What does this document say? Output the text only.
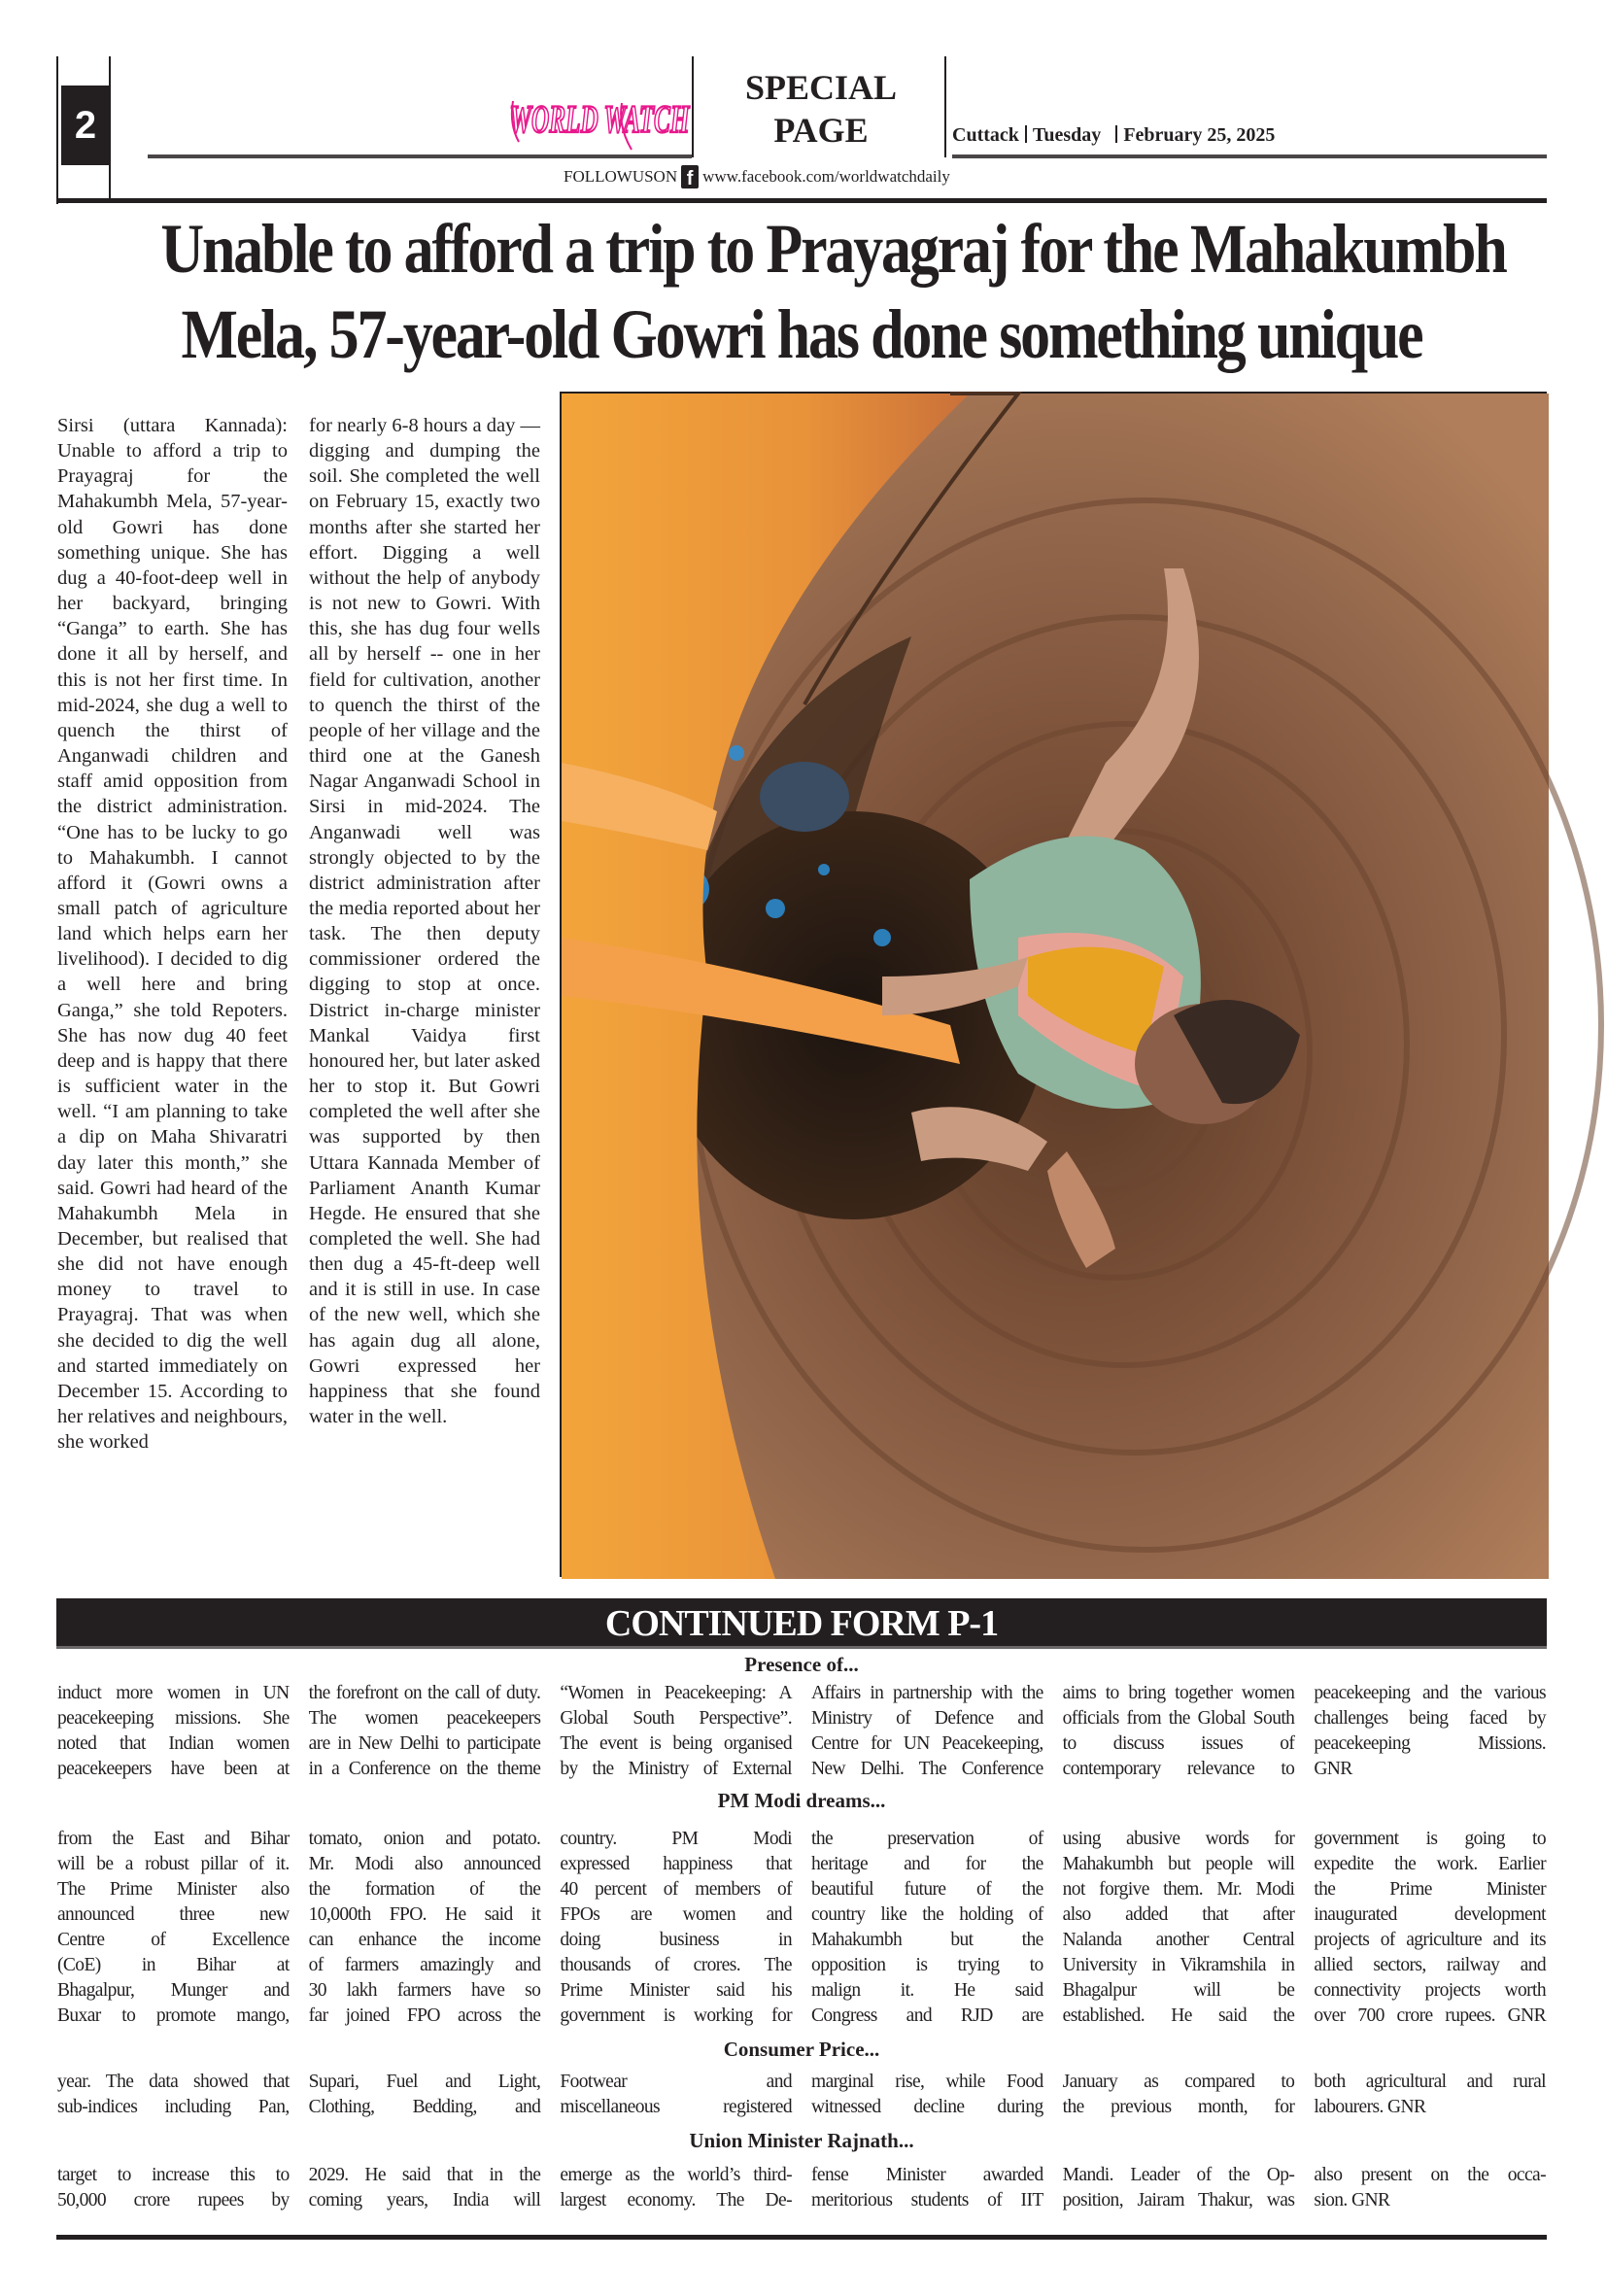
2	WORLD WATCH
SPECIAL
PAGE	Cuttack Tuesday February 25, 2025
FOLLOWUSON f www.facebook.com/worldwatchdaily
Unable to afford a trip to Prayagraj for the Mahakumbh
Mela, 57-year-old Gowri has done something unique

Sirsi (uttara Kannada): Unable to afford a trip to Prayagraj for the Mahakumbh Mela, 57-year-old Gowri has done something unique. She has dug a 40-foot-deep well in her backyard, bringing “Ganga” to earth. She has done it all by herself, and this is not her first time. In mid-2024, she dug a well to quench the thirst of Anganwadi children and staff amid opposition from the district administration. “One has to be lucky to go to Mahakumbh. I cannot afford it (Gowri owns a small patch of agriculture land which helps earn her livelihood). I decided to dig a well here and bring Ganga,” she told Repoters. She has now dug 40 feet deep and is happy that there is sufficient water in the well. “I am planning to take a dip on Maha Shivaratri day later this month,” she said. Gowri had heard of the Mahakumbh Mela in December, but realised that she did not have enough money to travel to Prayagraj. That was when she decided to dig the well and started immediately on December 15. According to her relatives and neighbours, she worked

for nearly 6-8 hours a day — digging and dumping the soil. She completed the well on February 15, exactly two months after she started her effort. Digging a well without the help of anybody is not new to Gowri. With this, she has dug four wells all by herself -- one in her field for cultivation, another to quench the thirst of the people of her village and the third one at the Ganesh Nagar Anganwadi School in Sirsi in mid-2024. The Anganwadi well was strongly objected to by the district administration after the media reported about her task. The then deputy commissioner ordered the digging to stop at once. District in-charge minister Mankal Vaidya first honoured her, but later asked her to stop it. But Gowri completed the well after she was supported by then Uttara Kannada Member of Parliament Ananth Kumar Hegde. He ensured that she completed the well. She had then dug a 45-ft-deep well and it is still in use. In case of the new well, which she has again dug all alone, Gowri expressed her happiness that she found water in the well.

CONTINUED FORM P-1
Presence of...
induct more women in UN
peacekeeping missions. She
noted that Indian women
peacekeepers have been at
the forefront on the call of duty.
The women peacekeepers
are in New Delhi to participate
in a Conference on the theme
“Women in Peacekeeping: A
Global South Perspective”.
The event is being organised
by the Ministry of External
Affairs in partnership with the
Ministry of Defence and
Centre for UN Peacekeeping,
New Delhi. The Conference
aims to bring together women
officials from the Global South
to discuss issues of
contemporary relevance to
peacekeeping and the various
challenges being faced by
peacekeeping Missions.
GNR
PM Modi dreams...
from the East and Bihar
will be a robust pillar of it.
The Prime Minister also
announced three new
Centre of Excellence
(CoE) in Bihar at
Bhagalpur, Munger and
Buxar to promote mango,
tomato, onion and potato.
Mr. Modi also announced
the formation of the
10,000th FPO. He said it
can enhance the income
of farmers amazingly and
30 lakh farmers have so
far joined FPO across the
country. PM Modi
expressed happiness that
40 percent of members of
FPOs are women and
doing business in
thousands of crores. The
Prime Minister said his
government is working for
the preservation of
heritage and for the
beautiful future of the
country like the holding of
Mahakumbh but the
opposition is trying to
malign it. He said
Congress and RJD are
using abusive words for
Mahakumbh but people will
not forgive them. Mr. Modi
also added that after
Nalanda another Central
University in Vikramshila in
Bhagalpur will be
established. He said the
government is going to
expedite the work. Earlier
the Prime Minister
inaugurated development
projects of agriculture and its
allied sectors, railway and
connectivity projects worth
over 700 crore rupees. GNR
Consumer Price...
year. The data showed that
sub-indices including Pan,
Supari, Fuel and Light,
Clothing, Bedding, and
Footwear and
miscellaneous registered
marginal rise, while Food
witnessed decline during
January as compared to
the previous month, for
both agricultural and rural
labourers. GNR
Union Minister Rajnath...
target to increase this to
50,000 crore rupees by
2029. He said that in the
coming years, India will
emerge as the world’s third-
largest economy. The De-
fense Minister awarded
meritorious students of IIT
Mandi. Leader of the Op-
position, Jairam Thakur, was
also present on the occa-
sion. GNR
